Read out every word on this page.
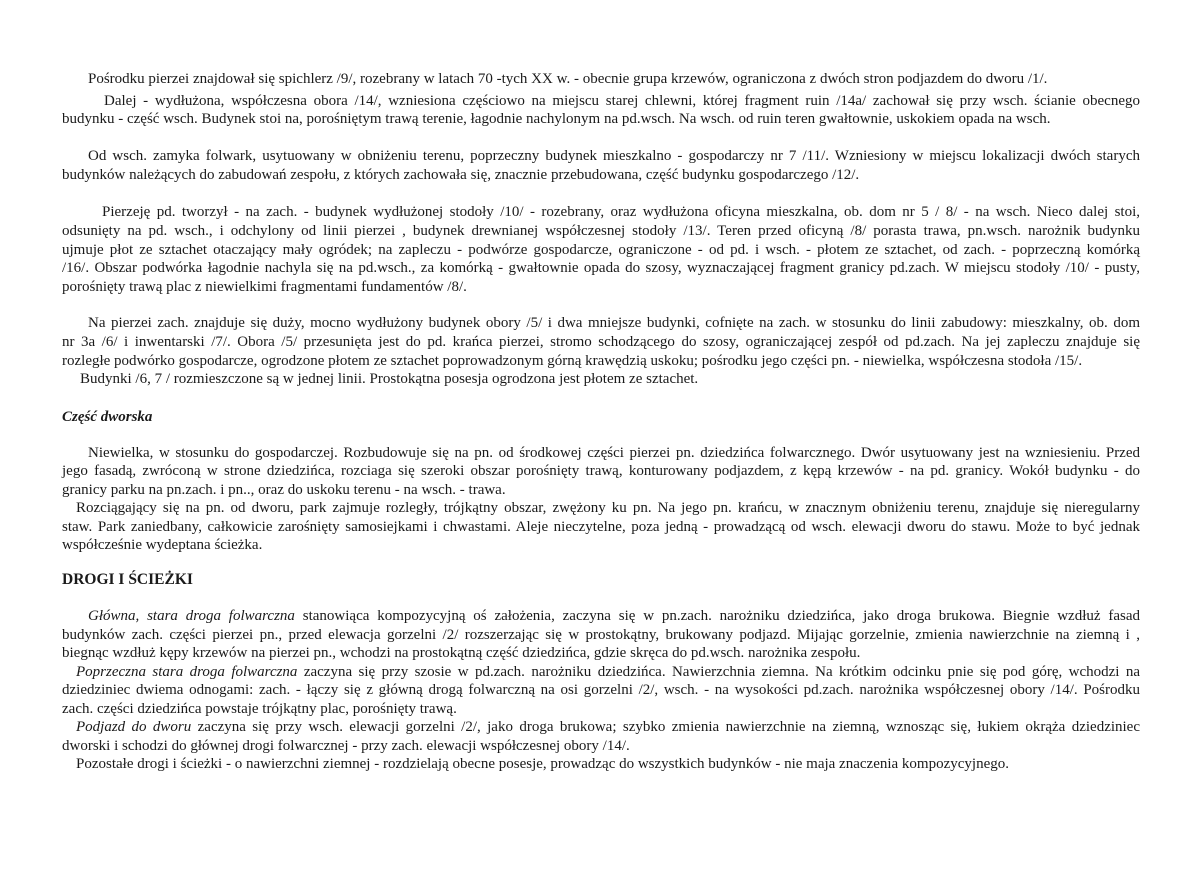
Pośrodku pierzei znajdował się spichlerz /9/, rozebrany w latach 70 -tych XX w. - obecnie grupa krzewów, ograniczona z dwóch stron podjazdem do dworu /1/.
Dalej - wydłużona, współczesna obora /14/, wzniesiona częściowo na miejscu starej chlewni, której fragment ruin /14a/ zachował się przy wsch. ścianie obecnego
budynku - część wsch. Budynek stoi na, porośniętym trawą terenie, łagodnie nachylonym na pd.wsch. Na wsch. od ruin teren gwałtownie, uskokiem opada na wsch.
Od wsch. zamyka folwark, usytuowany w obniżeniu terenu, poprzeczny budynek mieszkalno - gospodarczy nr 7 /11/. Wzniesiony w miejscu lokalizacji dwóch starych
budynków należących do zabudowań zespołu, z których zachowała się, znacznie przebudowana, część budynku gospodarczego /12/.
Pierzeję pd. tworzył - na zach. - budynek wydłużonej stodoły /10/ - rozebrany, oraz wydłużona oficyna mieszkalna, ob. dom nr 5 / 8/ - na wsch. Nieco dalej stoi,
odsunięty na pd. wsch., i odchylony od linii pierzei , budynek drewnianej współczesnej stodoły /13/. Teren przed oficyną /8/ porasta trawa, pn.wsch. narożnik budynku
ujmuje płot ze sztachet otaczający mały ogródek; na zapleczu - podwórze gospodarcze, ograniczone - od pd. i wsch. - płotem ze sztachet, od zach. - poprzeczną komórką
/16/. Obszar podwórka łagodnie nachyla się na pd.wsch., za komórką - gwałtownie opada do szosy, wyznaczającej fragment granicy pd.zach. W miejscu stodoły /10/ - pusty,
porośnięty trawą plac z niewielkimi fragmentami fundamentów /8/.
Na pierzei zach. znajduje się duży, mocno wydłużony budynek obory /5/ i dwa mniejsze budynki, cofnięte na zach. w stosunku do linii zabudowy: mieszkalny, ob. dom
nr 3a /6/ i inwentarski /7/. Obora /5/ przesunięta jest do pd. krańca pierzei, stromo schodzącego do szosy, ograniczającej zespół od pd.zach. Na jej zapleczu znajduje się
rozległe podwórko gospodarcze, ogrodzone płotem ze sztachet poprowadzonym górną krawędzią uskoku; pośrodku jego części pn. - niewielka, współczesna stodoła /15/.
Budynki /6, 7 / rozmieszczone są w jednej linii. Prostokątna posesja ogrodzona jest płotem ze sztachet.
Część dworska
Niewielka, w stosunku do gospodarczej. Rozbudowuje się na pn. od środkowej części pierzei pn. dziedzińca folwarcznego. Dwór usytuowany jest na wzniesieniu. Przed
jego fasadą, zwróconą w strone dziedzińca, rozciaga się szeroki obszar porośnięty trawą, konturowany podjazdem, z kępą krzewów - na pd. granicy. Wokół budynku - do
granicy parku na pn.zach. i pn.., oraz do uskoku terenu - na wsch. - trawa.
Rozciągający się na pn. od dworu, park zajmuje rozległy, trójkątny obszar, zwężony ku pn. Na jego pn. krańcu, w znacznym obniżeniu terenu, znajduje się nieregularny
staw. Park zaniedbany, całkowicie zarośnięty samosiejkami i chwastami. Aleje nieczytelne, poza jedną - prowadzącą od wsch. elewacji dworu do stawu. Może to być jednak
współcześnie wydeptana ścieżka.
DROGI I ŚCIEŻKI
Główna, stara droga folwarczna stanowiąca kompozycyjną oś założenia, zaczyna się w pn.zach. narożniku dziedzińca, jako droga brukowa. Biegnie wzdłuż fasad
budynków zach. części pierzei pn., przed elewacja gorzelni /2/ rozszerzając się w prostokątny, brukowany podjazd. Mijając gorzelnie, zmienia nawierzchnie na ziemną i ,
biegnąc wzdłuż kępy krzewów na pierzei pn., wchodzi na prostokątną część dziedzińca, gdzie skręca do pd.wsch. narożnika zespołu.
Poprzeczna stara droga folwarczna zaczyna się przy szosie w pd.zach. narożniku dziedzińca. Nawierzchnia ziemna. Na krótkim odcinku pnie się pod górę, wchodzi na
dziedziniec dwiema odnogami: zach. - łączy się z główną drogą folwarczną na osi gorzelni /2/, wsch. - na wysokości pd.zach. narożnika współczesnej obory /14/. Pośrodku
zach. części dziedzińca powstaje trójkątny plac, porośnięty trawą.
Podjazd do dworu zaczyna się przy wsch. elewacji gorzelni /2/, jako droga brukowa; szybko zmienia nawierzchnie na ziemną, wznosząc się, łukiem okrąża dziedziniec
dworski i schodzi do głównej drogi folwarcznej - przy zach. elewacji współczesnej obory /14/.
Pozostałe drogi i ścieżki - o nawierzchni ziemnej - rozdzielają obecne posesje, prowadząc do wszystkich budynków - nie maja znaczenia kompozycyjnego.
